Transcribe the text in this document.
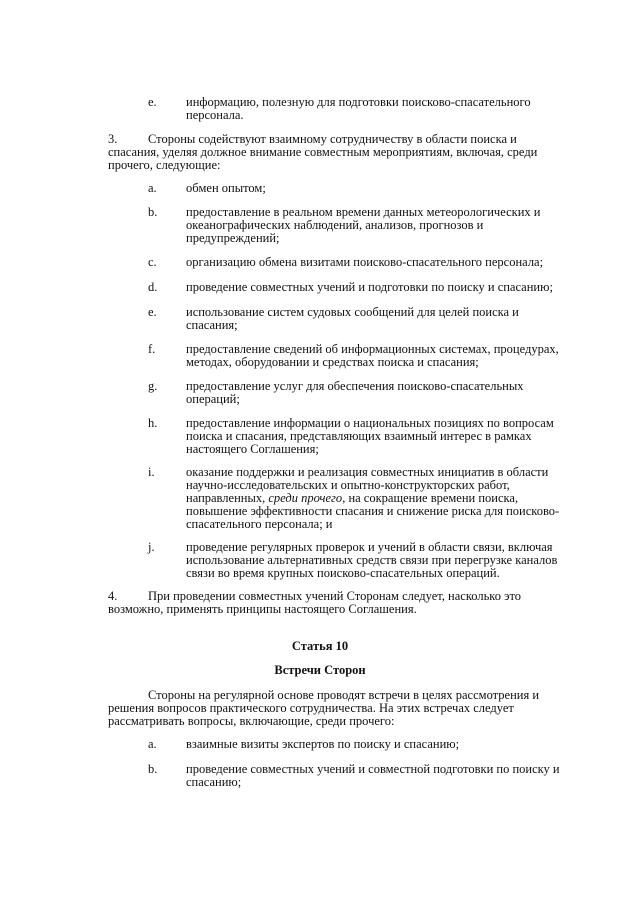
e.	информацию, полезную для подготовки поисково-спасательного
персонала.
3. Стороны содействуют взаимному сотрудничеству в области поиска и
спасания, уделяя должное внимание совместным мероприятиям, включая, среди
прочего, следующие:
a.	обмен опытом;
b.	предоставление в реальном времени данных метеорологических и
океанографических наблюдений, анализов, прогнозов и
предупреждений;
c.	организацию обмена визитами поисково-спасательного персонала;
d.	проведение совместных учений и подготовки по поиску и спасанию;
e.	использование систем судовых сообщений для целей поиска и
спасания;
f.	предоставление сведений об информационных системах, процедурах,
методах, оборудовании и средствах поиска и спасания;
g.	предоставление услуг для обеспечения поисково-спасательных
операций;
h.	предоставление информации о национальных позициях по вопросам
поиска и спасания, представляющих взаимный интерес в рамках
настоящего Соглашения;
i.	оказание поддержки и реализация совместных инициатив в области
научно-исследовательских и опытно-конструкторских работ,
направленных, среди прочего, на сокращение времени поиска,
повышение эффективности спасания и снижение риска для поисково-
спасательного персонала; и
j.	проведение регулярных проверок и учений в области связи, включая
использование альтернативных средств связи при перегрузке каналов
связи во время крупных поисково-спасательных операций.
4. При проведении совместных учений Сторонам следует, насколько это
возможно, применять принципы настоящего Соглашения.
Статья 10
Встречи Сторон
Стороны на регулярной основе проводят встречи в целях рассмотрения и
решения вопросов практического сотрудничества. На этих встречах следует
рассматривать вопросы, включающие, среди прочего:
a.	взаимные визиты экспертов по поиску и спасанию;
b.	проведение совместных учений и совместной подготовки по поиску и
спасанию;
